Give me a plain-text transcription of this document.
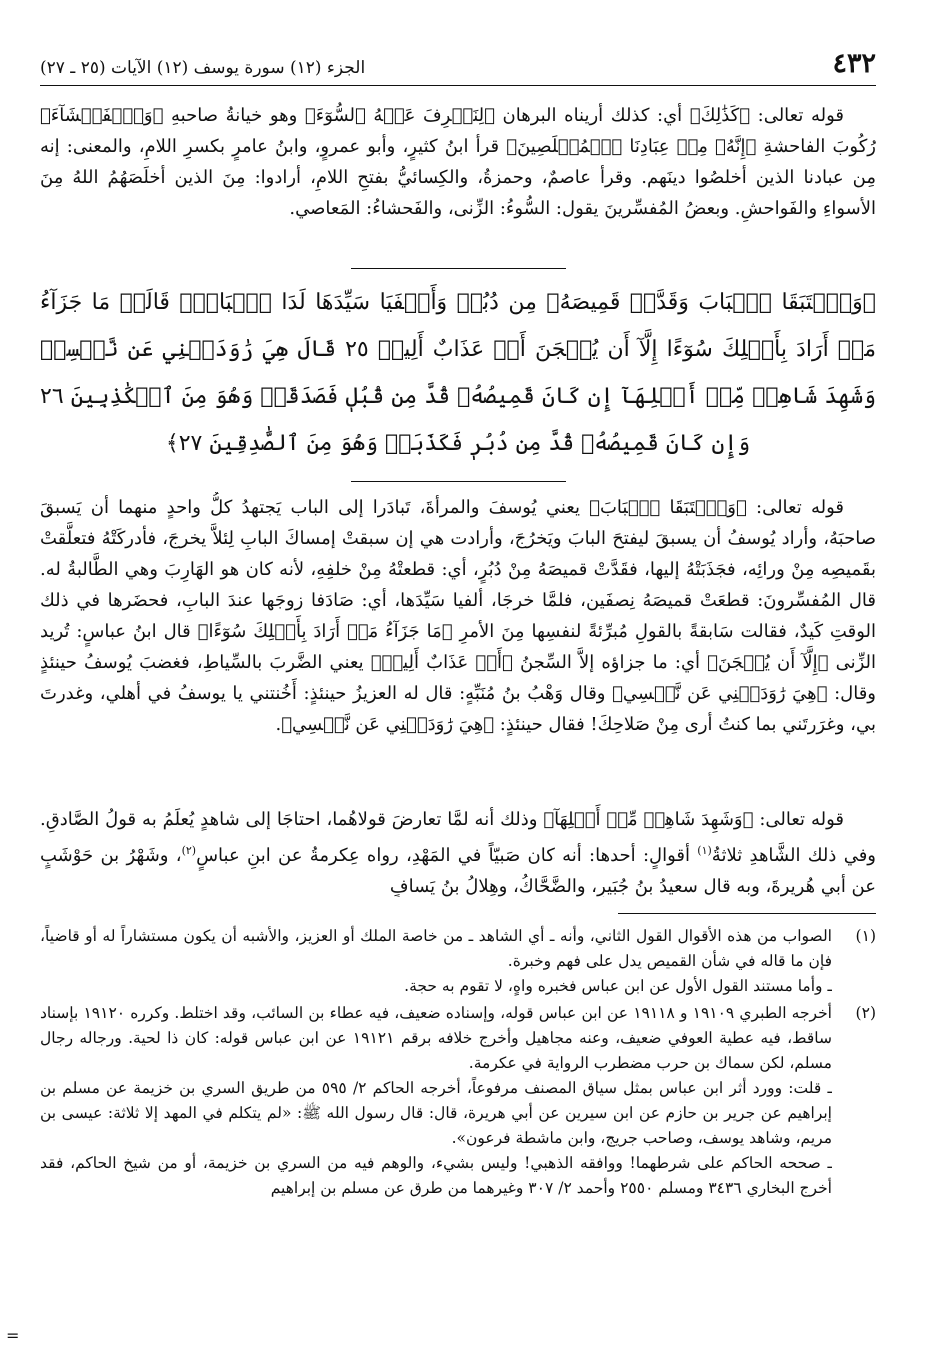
٤٣٢
الجزء (١٢) سورة يوسف (١٢) الآيات (٢٥ ـ ٢٧)

قوله تعالى: ﴿كَذَٰلِكَ﴾ أي: كذلك أريناه البرهان ﴿لِنَصۡرِفَ عَنۡهُ ٱلسُّوٓءَ﴾ وهو خيانةُ صاحبهِ ﴿وَٱلۡفَحۡشَآءَ﴾ رُكُوبَ الفاحشةِ ﴿إِنَّهُۥ مِنۡ عِبَادِنَا ٱلۡمُخۡلَصِينَ﴾ قرأ ابنُ كثيرٍ، وأبو عمروٍ، وابنُ عامرٍ بكسرِ اللامِ، والمعنى: إنه مِن عبادنا الذين أخلصُوا دينَهم. وقرأ عاصمٌ، وحمزةُ، والكِسائيُّ بفتحِ اللامِ، أرادوا: مِنَ الذين أخلَصَهُمُ اللهُ مِنَ الأسواءِ والفَواحشِ. وبعضُ المُفسِّرينَ يقول: السُّوءُ: الزِّنى، والفَحشاءُ: المَعاصي.

﴿وَٱسۡتَبَقَا ٱلۡبَابَ وَقَدَّتۡ قَمِيصَهُۥ مِن دُبُرٖ وَأَلۡفَيَا سَيِّدَهَا لَدَا ٱلۡبَابِۚ قَالَتۡ مَا جَزَآءُ مَنۡ أَرَادَ بِأَهۡلِكَ سُوٓءًا إِلَّآ أَن يُسۡجَنَ أَوۡ عَذَابٌ أَلِيمٞ ٢٥ قَالَ هِيَ رَٰوَدَتۡنِي عَن نَّفۡسِيۚ وَشَهِدَ شَاهِدٞ مِّنۡ أَهۡلِهَآ إِن كَانَ قَمِيصُهُۥ قُدَّ مِن قُبُلٖ فَصَدَقَتۡ وَهُوَ مِنَ ٱلۡكَٰذِبِينَ ٢٦ وَإِن كَانَ قَمِيصُهُۥ قُدَّ مِن دُبُرٖ فَكَذَبَتۡ وَهُوَ مِنَ ٱلصَّٰدِقِينَ ٢٧﴾

قوله تعالى: ﴿وَٱسۡتَبَقَا ٱلۡبَابَ﴾ يعني يُوسفَ والمرأةَ، تَبادَرا إلى الباب يَجتهدُ كلُّ واحدٍ منهما أن يَسبقَ صاحبَهُ، وأراد يُوسفُ أن يسبقَ ليفتحَ البابَ ويَخرُجَ، وأرادت هي إن سبقتْ إمساكَ البابِ لِئلاَّ يخرجَ، فأدركَتْهُ فتعلَّقتْ بقَميصِه مِنْ ورائِه، فجَذَبَتْهُ إليها، فقَدَّتْ قميصَهُ مِنْ دُبُرٍ، أي: قطعتْهُ مِنْ خلفِهِ، لأنه كان هو الهَارِبَ وهي الطَّالبةُ له. قال المُفسِّرونَ: قطعَتْ قميصَهُ نِصفَين، فلمَّا خرجَا، ألفيا سَيِّدَها، أي: صَادَفا زوجَها عندَ البابِ، فحضَرها في ذلك الوقتِ كَيدٌ، فقالت سَابقةً بالقولِ مُبرِّئةً لنفسِها مِنَ الأمرِ ﴿مَا جَزَآءُ مَنۡ أَرَادَ بِأَهۡلِكَ سُوٓءًا﴾ قال ابنُ عباسٍ: تُريد الزِّنى ﴿إِلَّآ أَن يُسۡجَنَ﴾ أي: ما جزاؤه إلاَّ السِّجنُ ﴿أَوۡ عَذَابٌ أَلِيمٞ﴾ يعني الضَّربَ بالسِّياطِ، فغضبَ يُوسفُ حينئذٍ وقال: ﴿هِيَ رَٰوَدَتۡنِي عَن نَّفۡسِي﴾ وقال وَهْبُ بنُ مُنَبِّهٍ: قال له العزيزُ حينئذٍ: أَخُنتني يا يوسفُ في أهلي، وغدرتَ بي، وغرَرتَني بما كنتُ أرى مِنْ صَلاحِكَ! فقال حينئذٍ: ﴿هِيَ رَٰوَدَتۡنِي عَن نَّفۡسِي﴾.

قوله تعالى: ﴿وَشَهِدَ شَاهِدٞ مِّنۡ أَهۡلِهَآ﴾ وذلك أنه لمَّا تعارضَ قولاهُما، احتاجَا إلى شاهدٍ يُعلَمُ به قولُ الصَّادقِ. وفي ذلك الشَّاهدِ ثلاثةُ$^{(١)}$ أقوالٍ: أحدها: أنه كان صَبيّاً في المَهْدِ، رواه عِكرمةُ عن ابنِ عباسٍ$^{(٢)}$، وشَهْرُ بن حَوْشَبٍ عن أبي هُريرةَ، وبه قال سعيدُ بنُ جُبَيرٍ، والضَّحَّاكُ، وهِلالُ بنُ يَسافٍ

(١)

الصواب من هذه الأقوال القول الثاني، وأنه ـ أي الشاهد ـ من خاصة الملك أو العزيز، والأشبه أن يكون مستشاراً له أو قاضياً، فإن ما قاله في شأن القميص يدل على فهم وخبرة.

ـ وأما مستند القول الأول عن ابن عباس فخبره واهٍ، لا تقوم به حجة.

(٢)

أخرجه الطبري ١٩١٠٩ و ١٩١١٨ عن ابن عباس قوله، وإسناده ضعيف، فيه عطاء بن السائب، وقد اختلط. وكرره ١٩١٢٠ بإسناد ساقط، فيه عطية العوفي ضعيف، وعنه مجاهيل وأخرج خلافه برقم ١٩١٢١ عن ابن عباس قوله: كان ذا لحية. ورجاله رجال مسلم، لكن سماك بن حرب مضطرب الرواية في عكرمة.

ـ قلت: وورد أثر ابن عباس بمثل سياق المصنف مرفوعاً، أخرجه الحاكم ٢/ ٥٩٥ من طريق السري بن خزيمة عن مسلم بن إبراهيم عن جرير بن حازم عن ابن سيرين عن أبي هريرة، قال: قال رسول الله ﷺ: «لم يتكلم في المهد إلا ثلاثة: عيسى بن مريم، وشاهد يوسف، وصاحب جريج، وابن ماشطة فرعون».

ـ صححه الحاكم على شرطهما! ووافقه الذهبي! وليس بشيء، والوهم فيه من السري بن خزيمة، أو من شيخ الحاكم، فقد أخرج البخاري ٣٤٣٦ ومسلم ٢٥٥٠ وأحمد ٢/ ٣٠٧ وغيرهما من طرق عن مسلم بن إبراهيم

=
